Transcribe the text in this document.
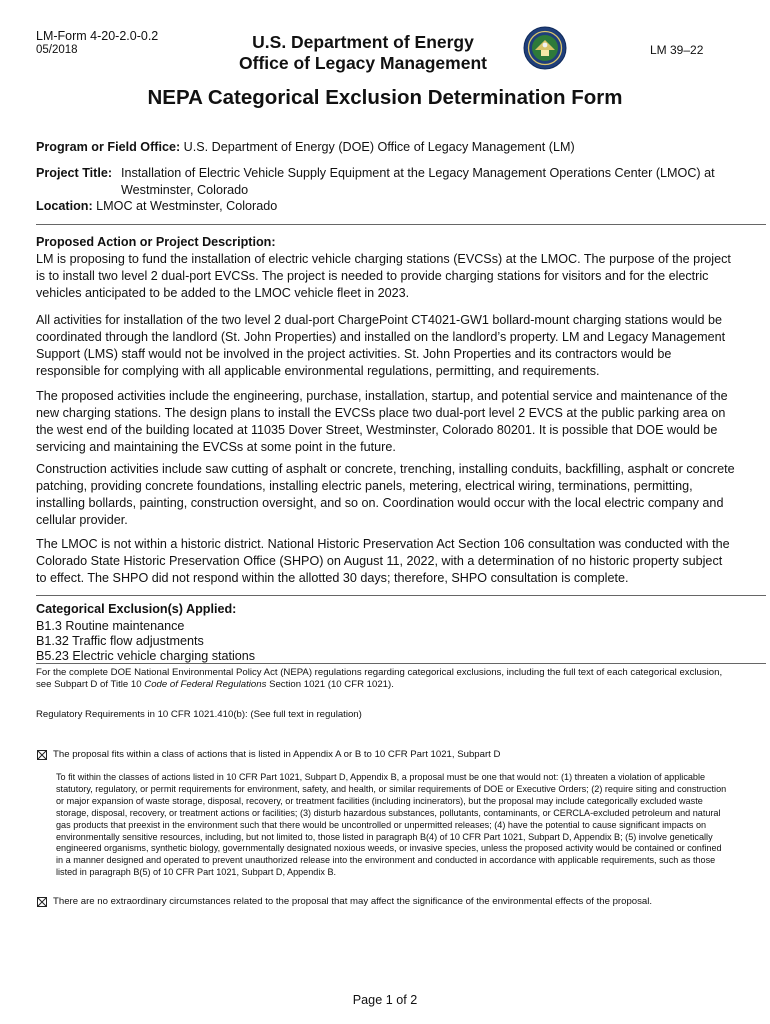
LM-Form 4-20-2.0-0.2
05/2018	U.S. Department of Energy
Office of Legacy Management
LM 39–22
NEPA Categorical Exclusion Determination Form
Program or Field Office: U.S. Department of Energy (DOE) Office of Legacy Management (LM)
Project Title: Installation of Electric Vehicle Supply Equipment at the Legacy Management Operations Center (LMOC) at
Westminster, Colorado
Location: LMOC at Westminster, Colorado
Proposed Action or Project Description:
LM is proposing to fund the installation of electric vehicle charging stations (EVCSs) at the LMOC. The purpose of the project is to install two level 2 dual-port EVCSs. The project is needed to provide charging stations for visitors and for the electric vehicles anticipated to be added to the LMOC vehicle fleet in 2023.
All activities for installation of the two level 2 dual-port ChargePoint CT4021-GW1 bollard-mount charging stations would be coordinated through the landlord (St. John Properties) and installed on the landlord’s property. LM and Legacy Management Support (LMS) staff would not be involved in the project activities. St. John Properties and its contractors would be responsible for complying with all applicable environmental regulations, permitting, and requirements.
The proposed activities include the engineering, purchase, installation, startup, and potential service and maintenance of the new charging stations. The design plans to install the EVCSs place two dual-port level 2 EVCS at the public parking area on the west end of the building located at 11035 Dover Street, Westminster, Colorado 80201. It is possible that DOE would be servicing and maintaining the EVCSs at some point in the future.
Construction activities include saw cutting of asphalt or concrete, trenching, installing conduits, backfilling, asphalt or concrete patching, providing concrete foundations, installing electric panels, metering, electrical wiring, terminations, permitting, installing bollards, painting, construction oversight, and so on. Coordination would occur with the local electric company and cellular provider.
The LMOC is not within a historic district. National Historic Preservation Act Section 106 consultation was conducted with the Colorado State Historic Preservation Office (SHPO) on August 11, 2022, with a determination of no historic property subject to effect. The SHPO did not respond within the allotted 30 days; therefore, SHPO consultation is complete.
Categorical Exclusion(s) Applied:
B1.3 Routine maintenance
B1.32 Traffic flow adjustments
B5.23 Electric vehicle charging stations
For the complete DOE National Environmental Policy Act (NEPA) regulations regarding categorical exclusions, including the full text of each categorical exclusion, see Subpart D of Title 10 Code of Federal Regulations Section 1021 (10 CFR 1021).
Regulatory Requirements in 10 CFR 1021.410(b): (See full text in regulation)
The proposal fits within a class of actions that is listed in Appendix A or B to 10 CFR Part 1021, Subpart D
To fit within the classes of actions listed in 10 CFR Part 1021, Subpart D, Appendix B, a proposal must be one that would not: (1) threaten a violation of applicable statutory, regulatory, or permit requirements for environment, safety, and health, or similar requirements of DOE or Executive Orders; (2) require siting and construction or major expansion of waste storage, disposal, recovery, or treatment facilities (including incinerators), but the proposal may include categorically excluded waste storage, disposal, recovery, or treatment actions or facilities; (3) disturb hazardous substances, pollutants, contaminants, or CERCLA-excluded petroleum and natural gas products that preexist in the environment such that there would be uncontrolled or unpermitted releases; (4) have the potential to cause significant impacts on environmentally sensitive resources, including, but not limited to, those listed in paragraph B(4) of 10 CFR Part 1021, Subpart D, Appendix B; (5) involve genetically engineered organisms, synthetic biology, governmentally designated noxious weeds, or invasive species, unless the proposed activity would be contained or confined in a manner designed and operated to prevent unauthorized release into the environment and conducted in accordance with applicable requirements, such as those listed in paragraph B(5) of 10 CFR Part 1021, Subpart D, Appendix B.
There are no extraordinary circumstances related to the proposal that may affect the significance of the environmental effects of the proposal.
Page 1 of 2
